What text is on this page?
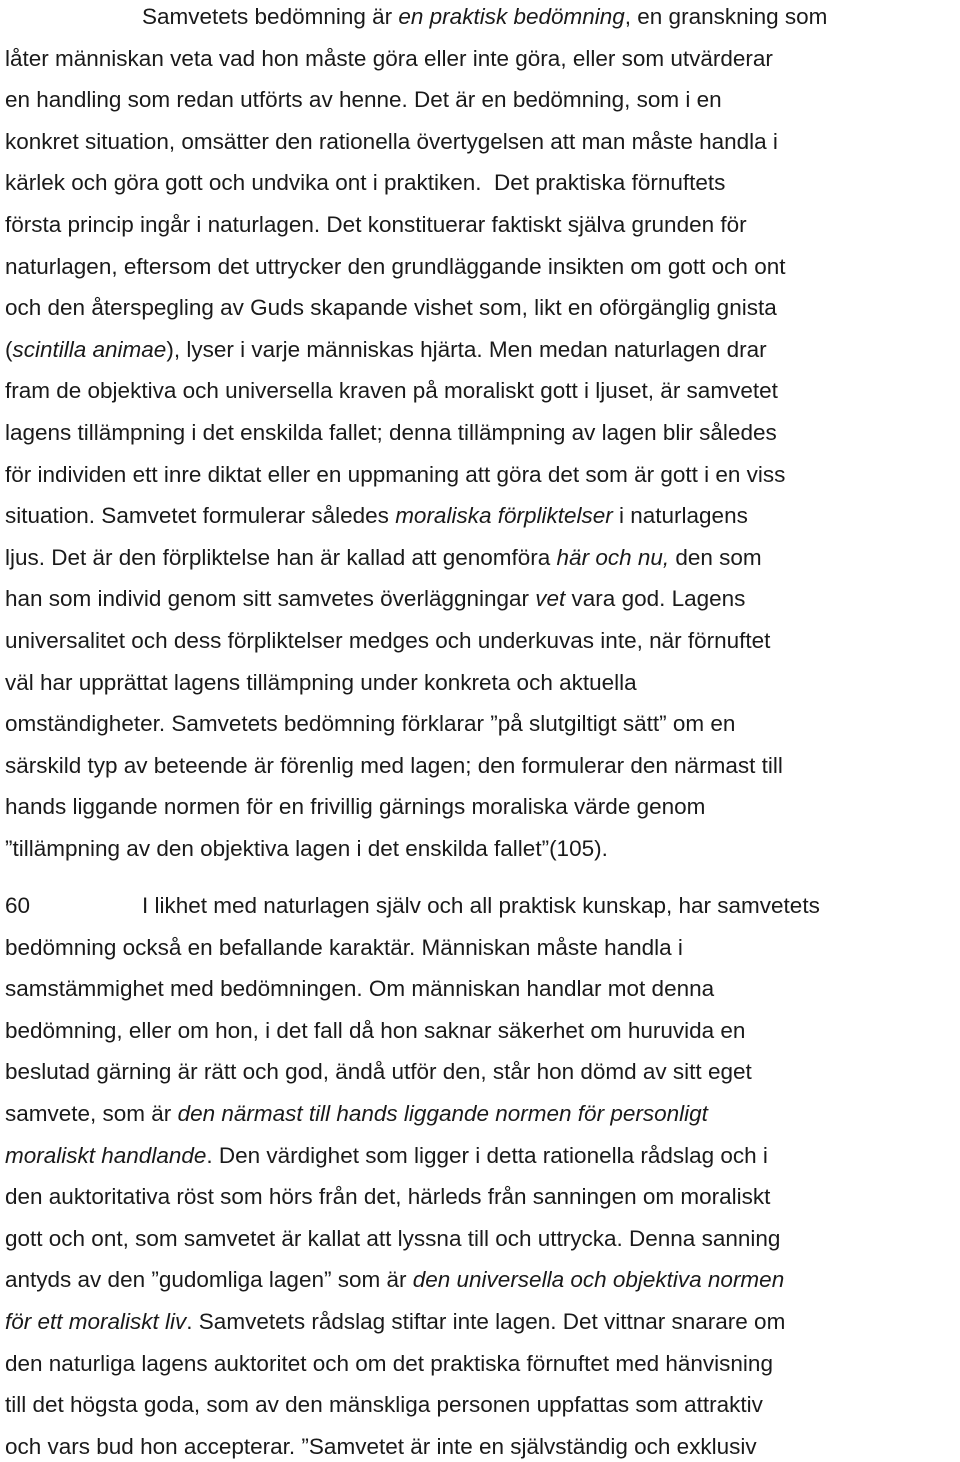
Samvetets bedömning är en praktisk bedömning, en granskning som
låter människan veta vad hon måste göra eller inte göra, eller som utvärderar
en handling som redan utförts av henne. Det är en bedömning, som i en
konkret situation, omsätter den rationella övertygelsen att man måste handla i
kärlek och göra gott och undvika ont i praktiken.  Det praktiska förnuftets
första princip ingår i naturlagen. Det konstituerar faktiskt själva grunden för
naturlagen, eftersom det uttrycker den grundläggande insikten om gott och ont
och den återspegling av Guds skapande vishet som, likt en oförgänglig gnista
(scintilla animae), lyser i varje människas hjärta. Men medan naturlagen drar
fram de objektiva och universella kraven på moraliskt gott i ljuset, är samvetet
lagens tillämpning i det enskilda fallet; denna tillämpning av lagen blir således
för individen ett inre diktat eller en uppmaning att göra det som är gott i en viss
situation. Samvetet formulerar således moraliska förpliktelser i naturlagens
ljus. Det är den förpliktelse han är kallad att genomföra här och nu, den som
han som individ genom sitt samvetes överläggningar vet vara god. Lagens
universalitet och dess förpliktelser medges och underkuvas inte, när förnuftet
väl har upprättat lagens tillämpning under konkreta och aktuella
omständigheter. Samvetets bedömning förklarar ”på slutgiltigt sätt” om en
särskild typ av beteende är förenlig med lagen; den formulerar den närmast till
hands liggande normen för en frivillig gärnings moraliska värde genom
”tillämpning av den objektiva lagen i det enskilda fallet”(105).
60	I likhet med naturlagen själv och all praktisk kunskap, har samvetets
bedömning också en befallande karaktär. Människan måste handla i
samstämmighet med bedömningen. Om människan handlar mot denna
bedömning, eller om hon, i det fall då hon saknar säkerhet om huruvida en
beslutad gärning är rätt och god, ändå utför den, står hon dömd av sitt eget
samvete, som är den närmast till hands liggande normen för personligt
moraliskt handlande. Den värdighet som ligger i detta rationella rådslag och i
den auktoritativa röst som hörs från det, härleds från sanningen om moraliskt
gott och ont, som samvetet är kallat att lyssna till och uttrycka. Denna sanning
antyds av den ”gudomliga lagen” som är den universella och objektiva normen
för ett moraliskt liv. Samvetets rådslag stiftar inte lagen. Det vittnar snarare om
den naturliga lagens auktoritet och om det praktiska förnuftet med hänvisning
till det högsta goda, som av den mänskliga personen uppfattas som attraktiv
och vars bud hon accepterar. ”Samvetet är inte en självständig och exklusiv
